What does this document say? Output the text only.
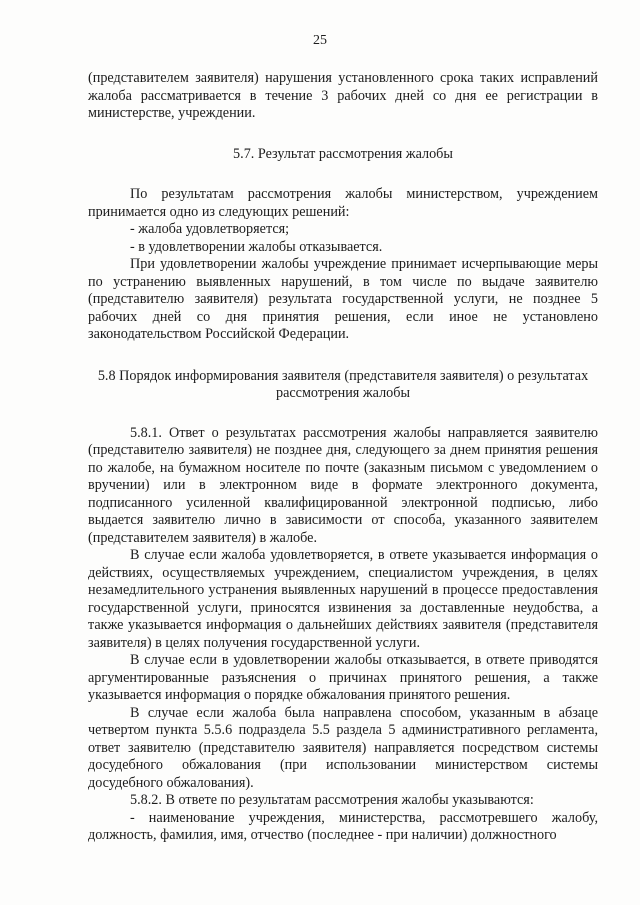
25

(представителем заявителя) нарушения установленного срока таких исправлений жалоба рассматривается в течение 3 рабочих дней со дня ее регистрации в министерстве, учреждении.

5.7. Результат рассмотрения жалобы

По результатам рассмотрения жалобы министерством, учреждением принимается одно из следующих решений:

- жалоба удовлетворяется;

- в удовлетворении жалобы отказывается.

При удовлетворении жалобы учреждение принимает исчерпывающие меры по устранению выявленных нарушений, в том числе по выдаче заявителю (представителю заявителя) результата государственной услуги, не позднее 5 рабочих дней со дня принятия решения, если иное не установлено законодательством Российской Федерации.

5.8 Порядок информирования заявителя (представителя заявителя) о результатах рассмотрения жалобы

5.8.1. Ответ о результатах рассмотрения жалобы направляется заявителю (представителю заявителя) не позднее дня, следующего за днем принятия решения по жалобе, на бумажном носителе по почте (заказным письмом с уведомлением о вручении) или в электронном виде в формате электронного документа, подписанного усиленной квалифицированной электронной подписью, либо выдается заявителю лично в зависимости от способа, указанного заявителем (представителем заявителя) в жалобе.

В случае если жалоба удовлетворяется, в ответе указывается информация о действиях, осуществляемых учреждением, специалистом учреждения, в целях незамедлительного устранения выявленных нарушений в процессе предоставления государственной услуги, приносятся извинения за доставленные неудобства, а также указывается информация о дальнейших действиях заявителя (представителя заявителя) в целях получения государственной услуги.

В случае если в удовлетворении жалобы отказывается, в ответе приводятся аргументированные разъяснения о причинах принятого решения, а также указывается информация о порядке обжалования принятого решения.

В случае если жалоба была направлена способом, указанным в абзаце четвертом пункта 5.5.6 подраздела 5.5 раздела 5 административного регламента, ответ заявителю (представителю заявителя) направляется посредством системы досудебного обжалования (при использовании министерством системы досудебного обжалования).

5.8.2. В ответе по результатам рассмотрения жалобы указываются:

- наименование учреждения, министерства, рассмотревшего жалобу, должность, фамилия, имя, отчество (последнее - при наличии) должностного
